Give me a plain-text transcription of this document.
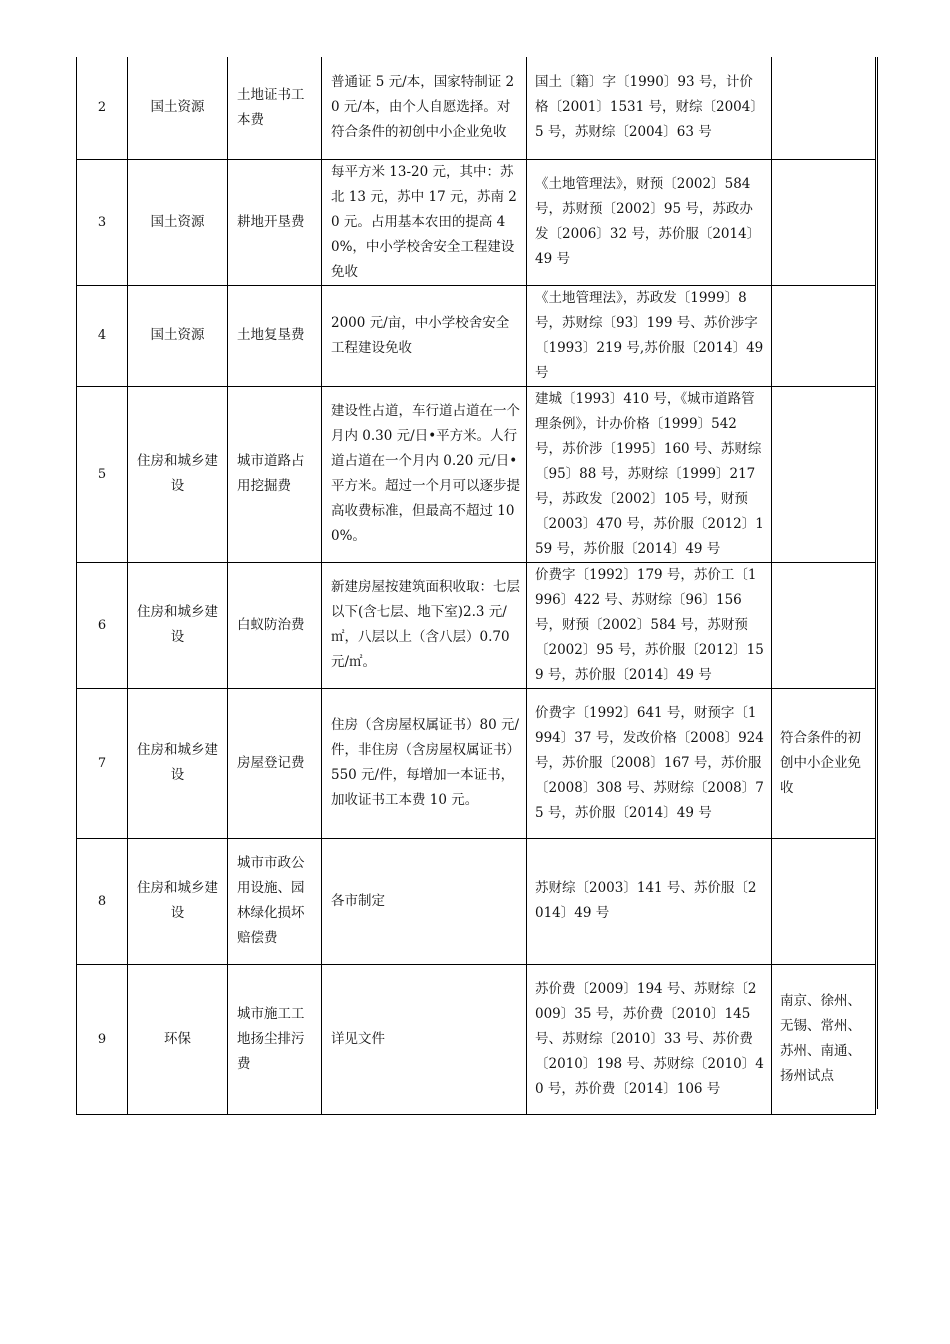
2	国土资源	土地证书工本费	普通证 5 元/本，国家特制证 20 元/本，由个人自愿选择。对符合条件的初创中小企业免收	国土〔籍〕字〔1990〕93 号，计价格〔2001〕1531 号，财综〔2004〕5 号，苏财综〔2004〕63 号	
3	国土资源	耕地开垦费	每平方米 13-20 元，其中：苏北 13 元，苏中 17 元，苏南 20 元。占用基本农田的提高 40%，中小学校舍安全工程建设免收	《土地管理法》，财预〔2002〕584 号，苏财预〔2002〕95 号，苏政办发〔2006〕32 号，苏价服〔2014〕49 号	
4	国土资源	土地复垦费	2000 元/亩，中小学校舍安全工程建设免收	《土地管理法》，苏政发〔1999〕8 号，苏财综〔93〕199 号、苏价涉字〔1993〕219 号,苏价服〔2014〕49 号	
5	住房和城乡建设	城市道路占用挖掘费	建设性占道，车行道占道在一个月内 0.30 元/日•平方米。人行道占道在一个月内 0.20 元/日•平方米。超过一个月可以逐步提高收费标准，但最高不超过 100%。	建城〔1993〕410 号，《城市道路管理条例》，计办价格〔1999〕542 号，苏价涉〔1995〕160 号、苏财综〔95〕88 号，苏财综〔1999〕217 号，苏政发〔2002〕105 号，财预〔2003〕470 号，苏价服〔2012〕159 号，苏价服〔2014〕49 号	
6	住房和城乡建设	白蚁防治费	新建房屋按建筑面积收取：七层以下(含七层、地下室)2.3 元/㎡，八层以上（含八层）0.70 元/㎡。	价费字〔1992〕179 号，苏价工〔1996〕422 号、苏财综〔96〕156 号，财预〔2002〕584 号，苏财预〔2002〕95 号，苏价服〔2012〕159 号，苏价服〔2014〕49 号	
7	住房和城乡建设	房屋登记费	住房（含房屋权属证书）80 元/件，非住房（含房屋权属证书）550 元/件，每增加一本证书，加收证书工本费 10 元。	价费字〔1992〕641 号，财预字〔1994〕37 号，发改价格〔2008〕924 号，苏价服〔2008〕167 号，苏价服〔2008〕308 号、苏财综〔2008〕75 号，苏价服〔2014〕49 号	符合条件的初创中小企业免收
8	住房和城乡建设	城市市政公用设施、园林绿化损坏赔偿费	各市制定	苏财综〔2003〕141 号、苏价服〔2014〕49 号	
9	环保	城市施工工地扬尘排污费	详见文件	苏价费〔2009〕194 号、苏财综〔2009〕35 号，苏价费〔2010〕145 号、苏财综〔2010〕33 号、苏价费〔2010〕198 号、苏财综〔2010〕40 号，苏价费〔2014〕106 号	南京、徐州、无锡、常州、苏州、南通、扬州试点
